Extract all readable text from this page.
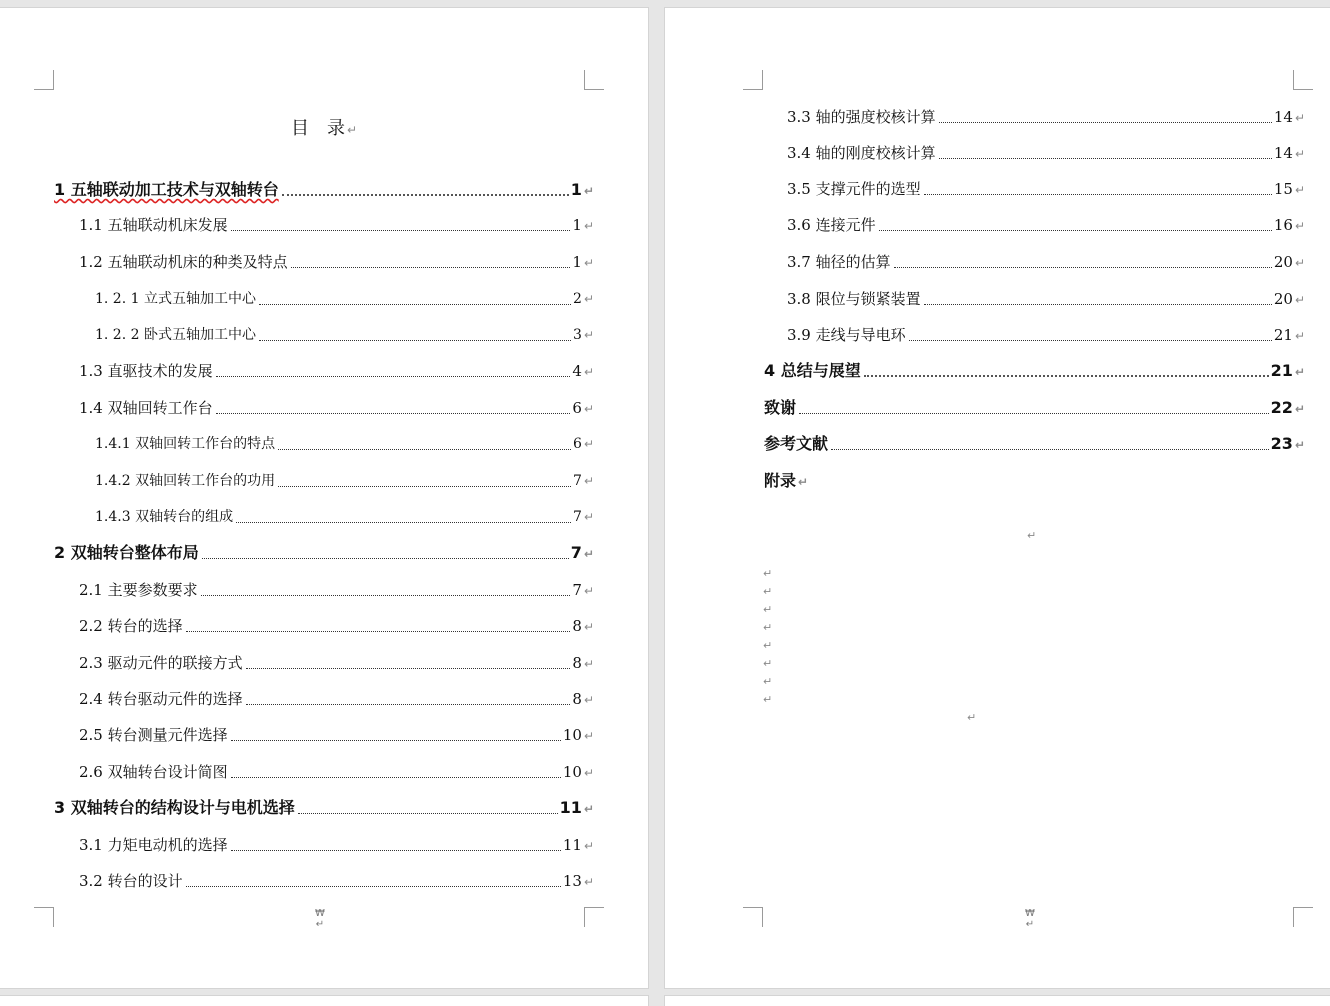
目　录 ↵
1 五轴联动加工技术与双轴转台	1 ↵
1.1 五轴联动机床发展	1 ↵
1.2 五轴联动机床的种类及特点	1 ↵
1. 2. 1 立式五轴加工中心	2 ↵
1. 2. 2 卧式五轴加工中心	3 ↵
1.3 直驱技术的发展	4 ↵
1.4 双轴回转工作台	6 ↵
1.4.1 双轴回转工作台的特点	6 ↵
1.4.2 双轴回转工作台的功用	7 ↵
1.4.3 双轴转台的组成	7 ↵
2 双轴转台整体布局	7 ↵
2.1 主要参数要求	7 ↵
2.2 转台的选择	8 ↵
2.3 驱动元件的联接方式	8 ↵
2.4 转台驱动元件的选择	8 ↵
2.5 转台测量元件选择	10 ↵
2.6 双轴转台设计简图	10 ↵
3 双轴转台的结构设计与电机选择	11 ↵
3.1 力矩电动机的选择	11 ↵
3.2 转台的设计	13 ↵
₩
↵
3.3 轴的强度校核计算	14 ↵
3.4 轴的刚度校核计算	14 ↵
3.5 支撑元件的选型	15 ↵
3.6 连接元件	16 ↵
3.7 轴径的估算	20 ↵
3.8 限位与锁紧装置	20 ↵
3.9 走线与导电环	21 ↵
4 总结与展望	21 ↵
致谢	22 ↵
参考文献	23 ↵
附录 ↵
↵
↵
↵
↵
↵
↵
↵
↵
↵
↵
₩
↵
